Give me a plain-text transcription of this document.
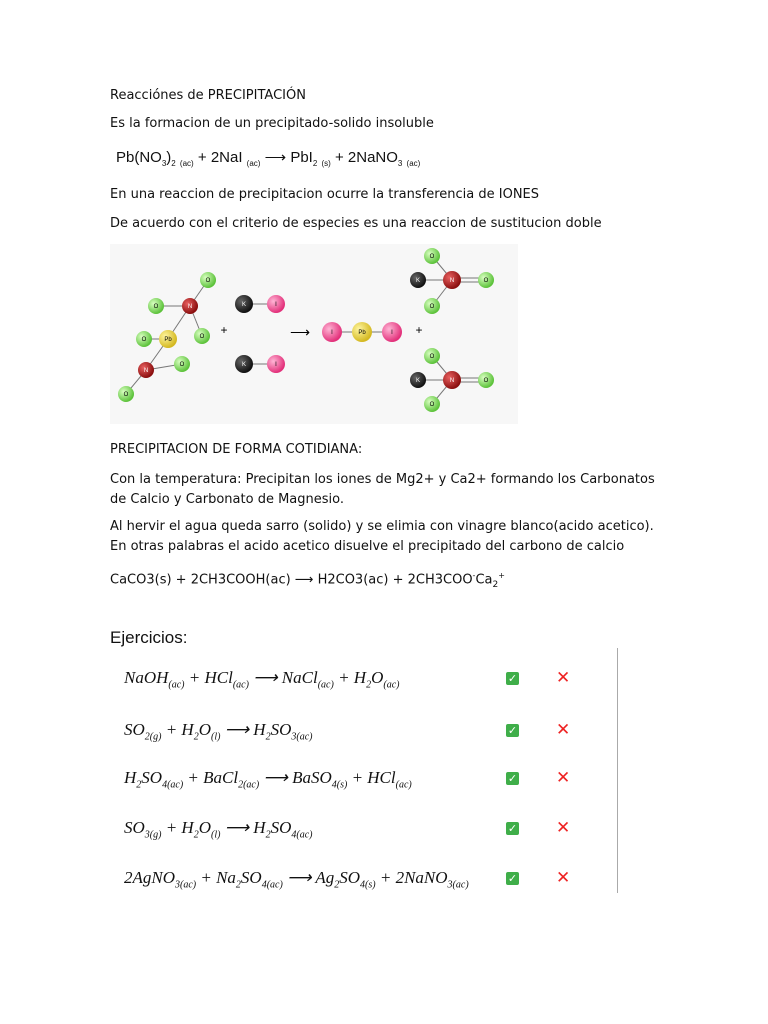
Reacciónes de PRECIPITACIÓN
Es la formacion de un precipitado-solido insoluble
$Pb(NO_3)_2$ $_{(ac)}$ + 2NaI $_{(ac)}$ ⟶ PbI$_2$ $_{(s)}$ + 2NaNO$_3$ $_{(ac)}$
En una reaccion de precipitacion ocurre la transferencia de IONES
De acuerdo con el criterio de especies es una reaccion de sustitucion doble
O
O
O
O
O
O
N
N
Pb
+
K	I
K	I
⟶	I	Pb	I +
K	N
O
O
O
K	N
O
O
O
PRECIPITACION DE FORMA COTIDIANA:
Con la temperatura: Precipitan los iones de Mg2+ y Ca2+ formando los Carbonatos de Calcio y Carbonato de Magnesio.
Al hervir el agua queda sarro (solido) y se elimia con vinagre blanco(acido acetico). En otras palabras el acido acetico disuelve el precipitado del carbono de calcio
CaCO3(s) + 2CH3COOH(ac) ⟶ $H2CO3(ac) + 2CH3COO^-Ca_2^+$
Ejercicios:
NaOH$_{(ac)}$ + HCl$_{(ac)}$ ⟶ NaCl$_{(ac)}$ + $H_2O_{(ac)}$	✓ ✕
$SO_{2(g)} + H_2O_{(l)}$ ⟶ $H_2SO_{3(ac)}$	✓ ✕
$H_2SO_{4(ac)}$ + BaCl$_{2(ac)}$ ⟶ BaSO$_{4(s)}$ + HCl$_{(ac)}$	✓ ✕
$SO_{3(g)} + H_2O_{(l)}$ ⟶ $H_2SO_{4(ac)}$	✓ ✕
2AgNO$_{3(ac)}$ + $Na_2SO_{4(ac)}$ ⟶ $Ag_2SO_{4(s)}$ + 2NaNO$_{3(ac)}$	✓ ✕
